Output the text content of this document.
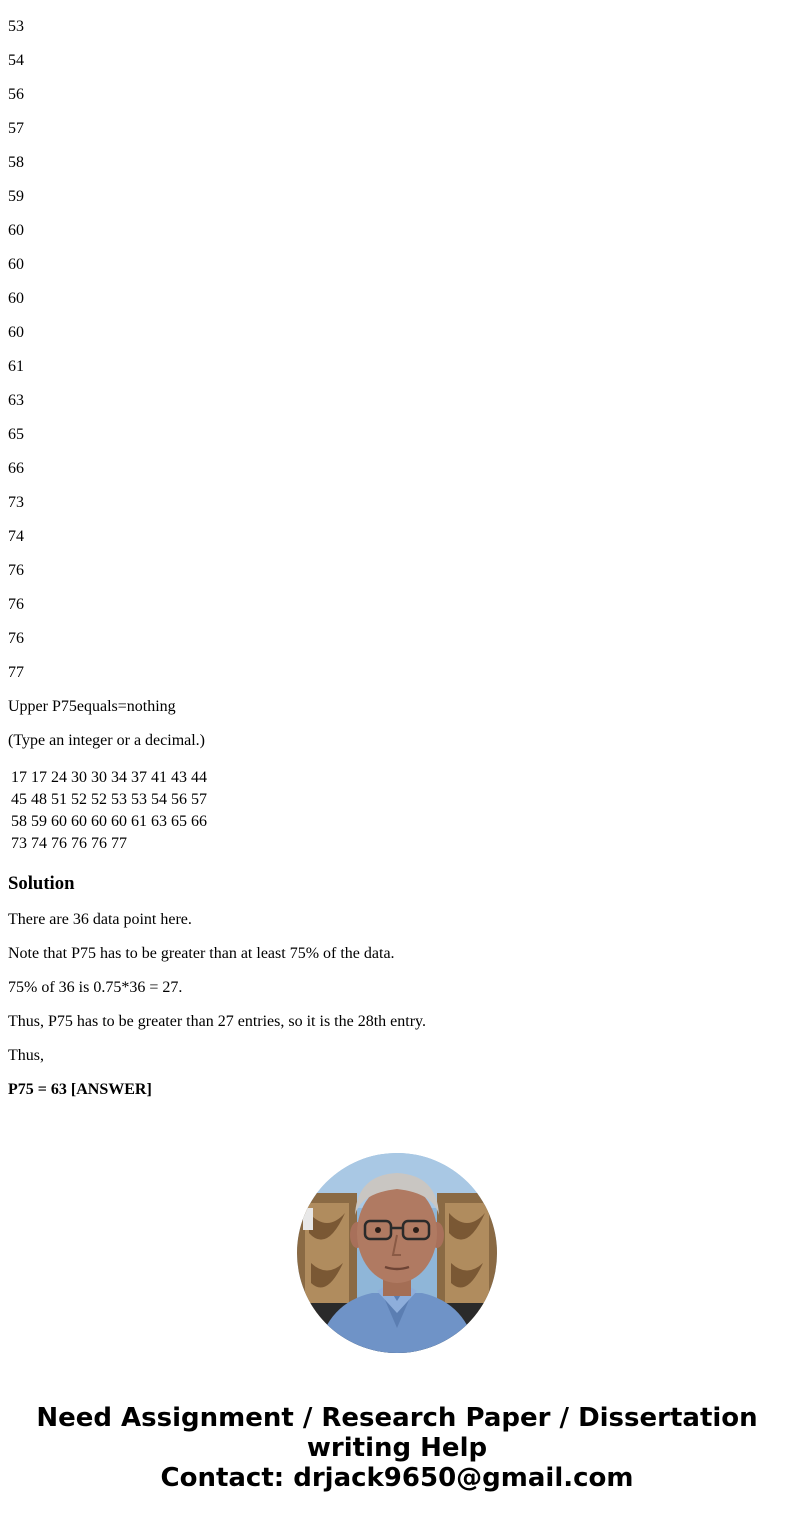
53
54
56
57
58
59
60
60
60
60
61
63
65
66
73
74
76
76
76
77

Upper P75equals=nothing

(Type an integer or a decimal.)

17 17 24 30 30 34 37 41 43 44
45 48 51 52 52 53 53 54 56 57
58 59 60 60 60 60 61 63 65 66
73 74 76 76 76 77
Solution

There are 36 data point here.

Note that P75 has to be greater than at least 75% of the data.

75% of 36 is 0.75*36 = 27.

Thus, P75 has to be greater than 27 entries, so it is the 28th entry.

Thus,

P75 = 63 [ANSWER]

Need Assignment / Research Paper / Dissertation
writing Help
Contact: drjack9650@gmail.com
